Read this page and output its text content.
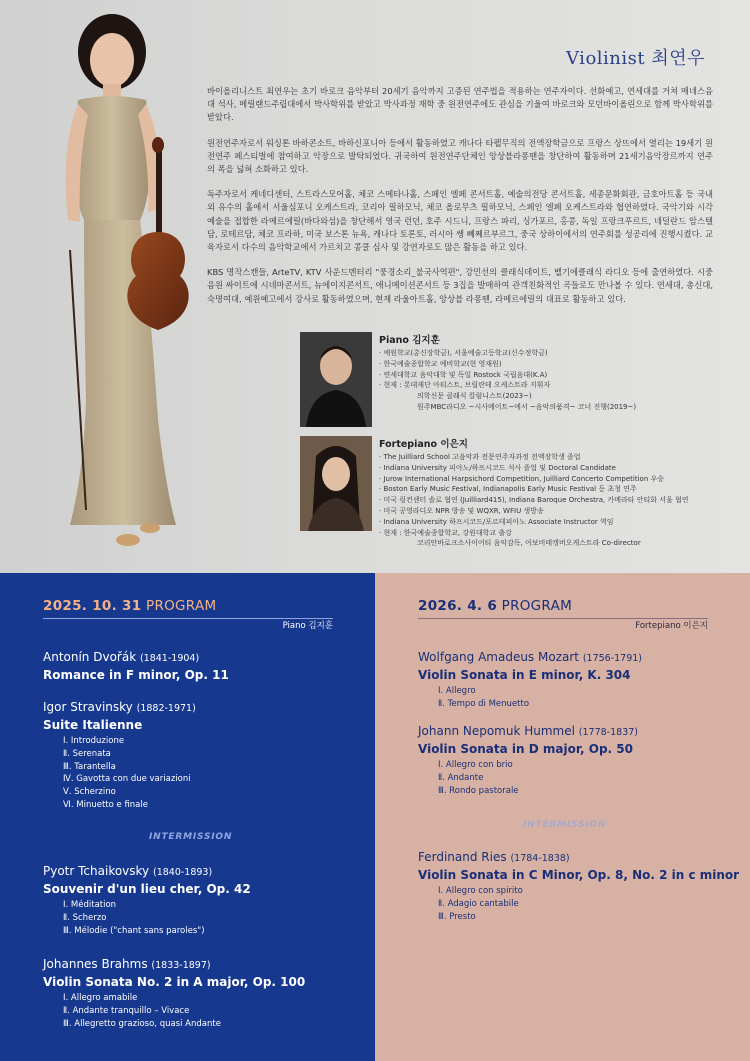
Violinist 최연우

바이올리니스트 최연우는 초기 바로크 음악부터 20세기 음악까지 고증된 연주법을 적용하는 연주자이다. 선화예고, 연세대를 거쳐 매네스음대 석사, 메릴랜드주립대에서 박사학위를 받았고 박사과정 재학 중 원전연주에도 관심을 기울여 바로크와 모던바이올린으로 함께 박사학위를 받았다.

원전연주자로서 워싱톤 바하콘소트, 바하신포니아 등에서 활동하였고 캐나다 타펠무직의 전액장학금으로 프랑스 상뜨에서 열리는 19세기 원전연주 페스티벌에 참여하고 악장으로 발탁되었다. 귀국하여 원전연주단체인 앙상블라퐁땐을 창단하여 활동하며 21세기음악장르까지 연주의 폭을 넓혀 소화하고 있다.

독주자로서 케네디센터, 스트라스모어홀, 체코 스메타나홀, 스페인 엘페 콘서트홀, 예술의전당 콘서트홀, 세종문화회관, 금호아트홀 등 국내외 유수의 홀에서 서울심포니 오케스트라, 코리아 필하모닉, 체코 올로무츠 필하모닉, 스페인 엘페 오케스트라와 협연하였다. 국악기와 시각예술을 접합한 라메르에릴(바다와섬)을 창단해서 영국 런던, 호주 시드니, 프랑스 파리, 싱가포르, 홍콩, 독일 프랑크푸르트, 네덜란드 암스텔담, 로테르담, 체코 프라하, 미국 보스톤 뉴욕, 캐나다 토론토, 러시아 쌩 뻬쩨르부르그, 중국 상하이에서의 연주회를 성공리에 진행시켰다. 교육자로서 다수의 음악학교에서 가르치고 콩쿨 심사 및 강연자로도 많은 활동을 하고 있다.

KBS 명작스캔들, ArteTV, KTV 사운드멘터리 "풍경소리_불국사역편", 강민선의 클래식데이트, 벨기에클래식 라디오 등에 출연하였다. 시중 음원 싸이트에 시네마콘서트, 뉴에이지콘서트, 애니메이션콘서트 등 3집을 발매하여 관객친화적인 곡들로도 만나볼 수 있다. 연세대, 총신대, 숙명여대, 예원예고에서 강사로 활동하였으며, 현재 라울아트홀, 앙상블 라퐁땐, 라메르에릴의 대표로 활동하고 있다.

Piano 김지훈
· 예원학교(총신장학금), 서울예술고등학교(신수정학금)
· 한국예술종합학교 예비학교(현 영재원)
· 연세대학교 음악대학 및 독일 Rostock 국립음대(K.A)
· 현재 : 롯데재단 아티스트, 브릴란테 오케스트라 지휘자
의학신문 클래식 칼럼니스트(2023~)
원주MBC라디오 ~시사메이트~에서 ~음악의품격~ 코너 진행(2019~)
Fortepiano 이은지
· The Juilliard School 고음악과 전문연주자과정 전액장학생 졸업
· Indiana University 피아노/하프시코드 석사 졸업 및 Doctoral Candidate
· Jurow International Harpsichord Competition, Juilliard Concerto Competition 우승
· Boston Early Music Festival, Indianapolis Early Music Festival 등 초청 연주
· 미국 링컨센터 솔로 협연 (Juilliard415), Indiana Baroque Orchestra, 카메라타 안티화 서울 협연
· 미국 공영라디오 NPR 방송 및 WQXR, WFIU 생방송
· Indiana University 하프시코드/포르테피아노 Associate Instructor 역임
· 현재 : 한국예술종합학교, 강원대학교 출강
코리안바로크소사이어티 음악감독, 아보비태캥버오케스트라 Co-director
2025. 10. 31 PROGRAM
Piano 김지훈
Antonín Dvořák (1841-1904)
Romance in F minor, Op. 11
Igor Stravinsky (1882-1971)
Suite Italienne
Ⅰ. Introduzione
Ⅱ. Serenata
Ⅲ. Tarantella
Ⅳ. Gavotta con due variazioni
Ⅴ. Scherzino
Ⅵ. Minuetto e finale
INTERMISSION
Pyotr Tchaikovsky (1840-1893)
Souvenir d'un lieu cher, Op. 42
Ⅰ. Méditation
Ⅱ. Scherzo
Ⅲ. Mélodie ("chant sans paroles")
Johannes Brahms (1833-1897)
Violin Sonata No. 2 in A major, Op. 100
Ⅰ. Allegro amabile
Ⅱ. Andante tranquillo – Vivace
Ⅲ. Allegretto grazioso, quasi Andante
2026. 4. 6 PROGRAM
Fortepiano 이은지
Wolfgang Amadeus Mozart (1756-1791)
Violin Sonata in E minor, K. 304
Ⅰ. Allegro
Ⅱ. Tempo di Menuetto
Johann Nepomuk Hummel (1778-1837)
Violin Sonata in D major, Op. 50
Ⅰ. Allegro con brio
Ⅱ. Andante
Ⅲ. Rondo pastorale
INTERMISSION
Ferdinand Ries (1784-1838)
Violin Sonata in C Minor, Op. 8, No. 2 in c minor
Ⅰ. Allegro con spirito
Ⅱ. Adagio cantabile
Ⅲ. Presto
